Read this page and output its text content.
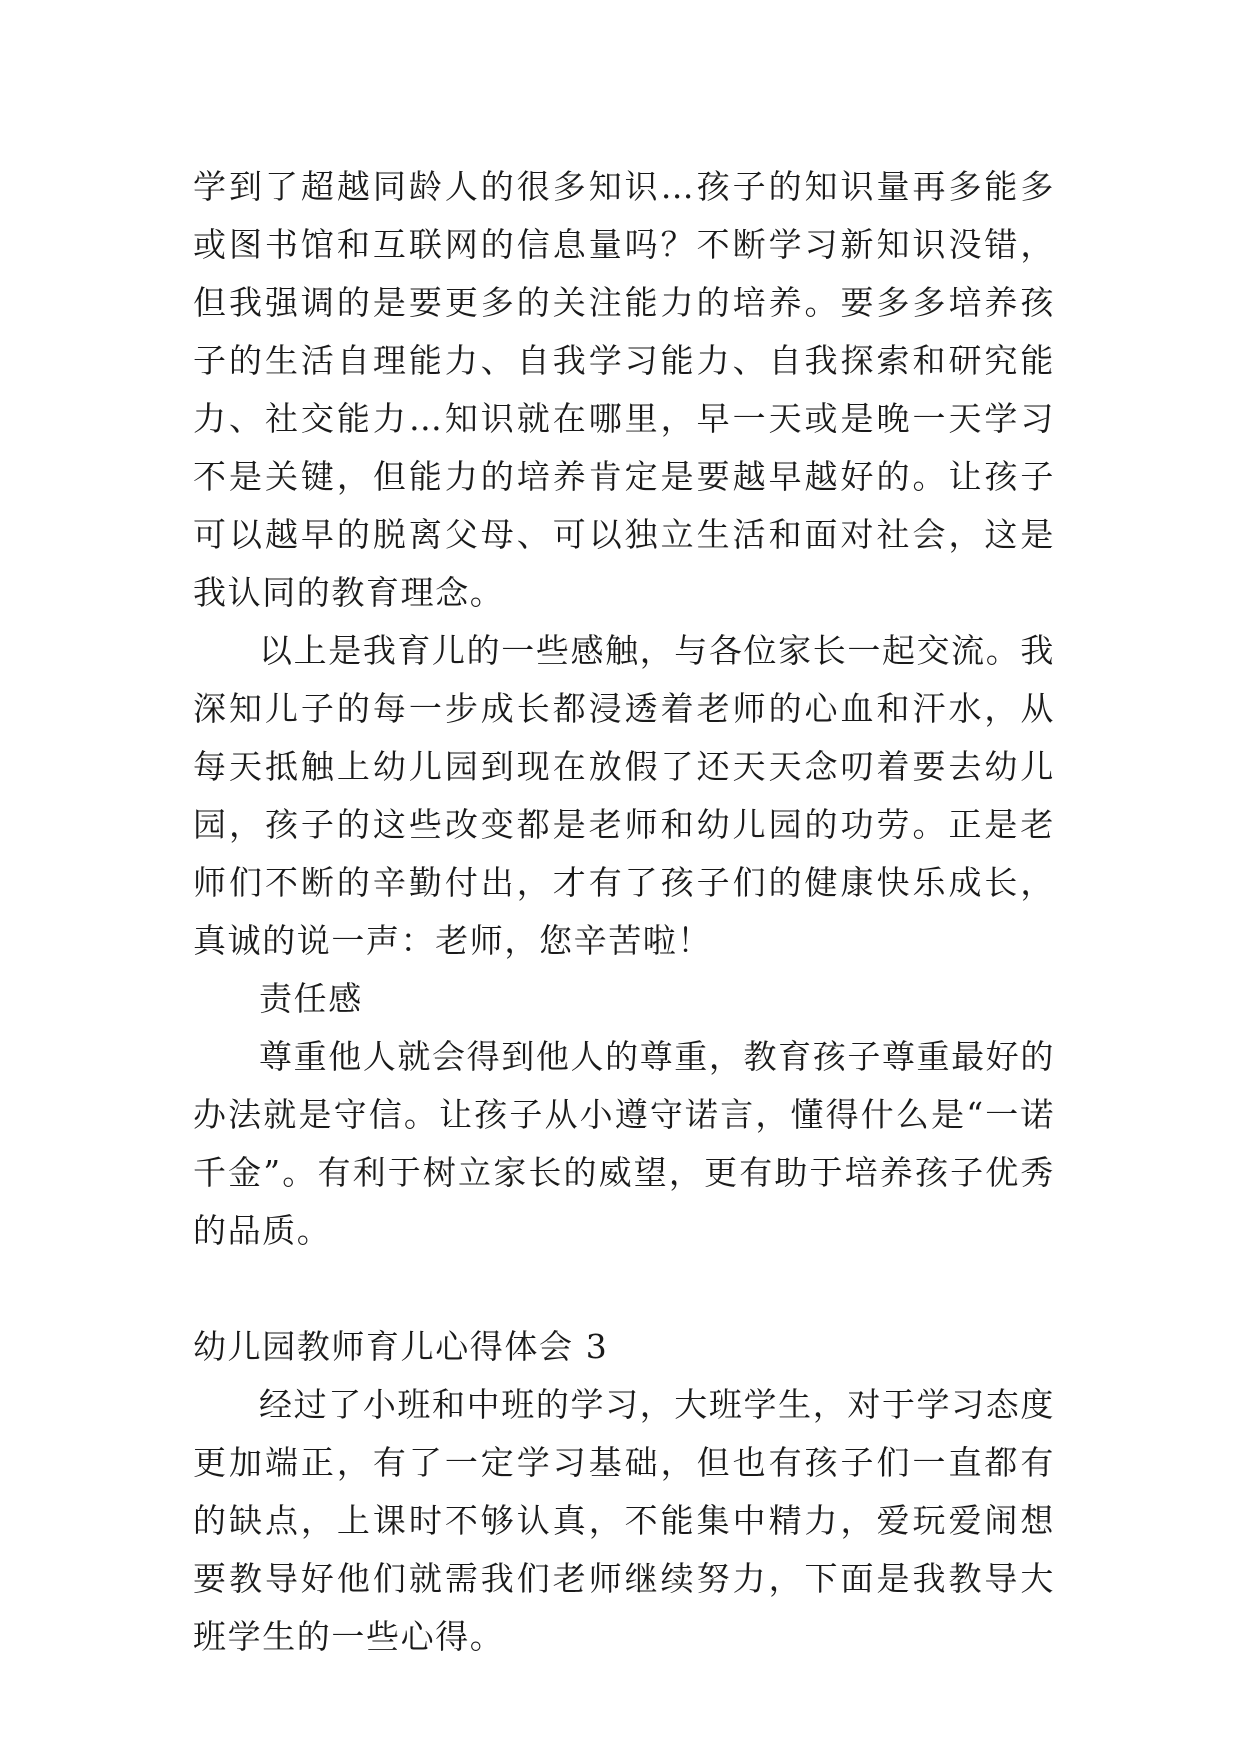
学到了超越同龄人的很多知识…孩子的知识量再多能多或图书馆和互联网的信息量吗？不断学习新知识没错，但我强调的是要更多的关注能力的培养。要多多培养孩子的生活自理能力、自我学习能力、自我探索和研究能力、社交能力…知识就在哪里，早一天或是晚一天学习不是关键，但能力的培养肯定是要越早越好的。让孩子可以越早的脱离父母、可以独立生活和面对社会，这是我认同的教育理念。

以上是我育儿的一些感触，与各位家长一起交流。我深知儿子的每一步成长都浸透着老师的心血和汗水，从每天抵触上幼儿园到现在放假了还天天念叨着要去幼儿园，孩子的这些改变都是老师和幼儿园的功劳。正是老师们不断的辛勤付出，才有了孩子们的健康快乐成长，真诚的说一声：老师，您辛苦啦！

责任感

尊重他人就会得到他人的尊重，教育孩子尊重最好的办法就是守信。让孩子从小遵守诺言，懂得什么是“一诺千金”。有利于树立家长的威望，更有助于培养孩子优秀的品质。

幼儿园教师育儿心得体会 3

经过了小班和中班的学习，大班学生，对于学习态度更加端正，有了一定学习基础，但也有孩子们一直都有的缺点，上课时不够认真，不能集中精力，爱玩爱闹想要教导好他们就需我们老师继续努力，下面是我教导大班学生的一些心得。
